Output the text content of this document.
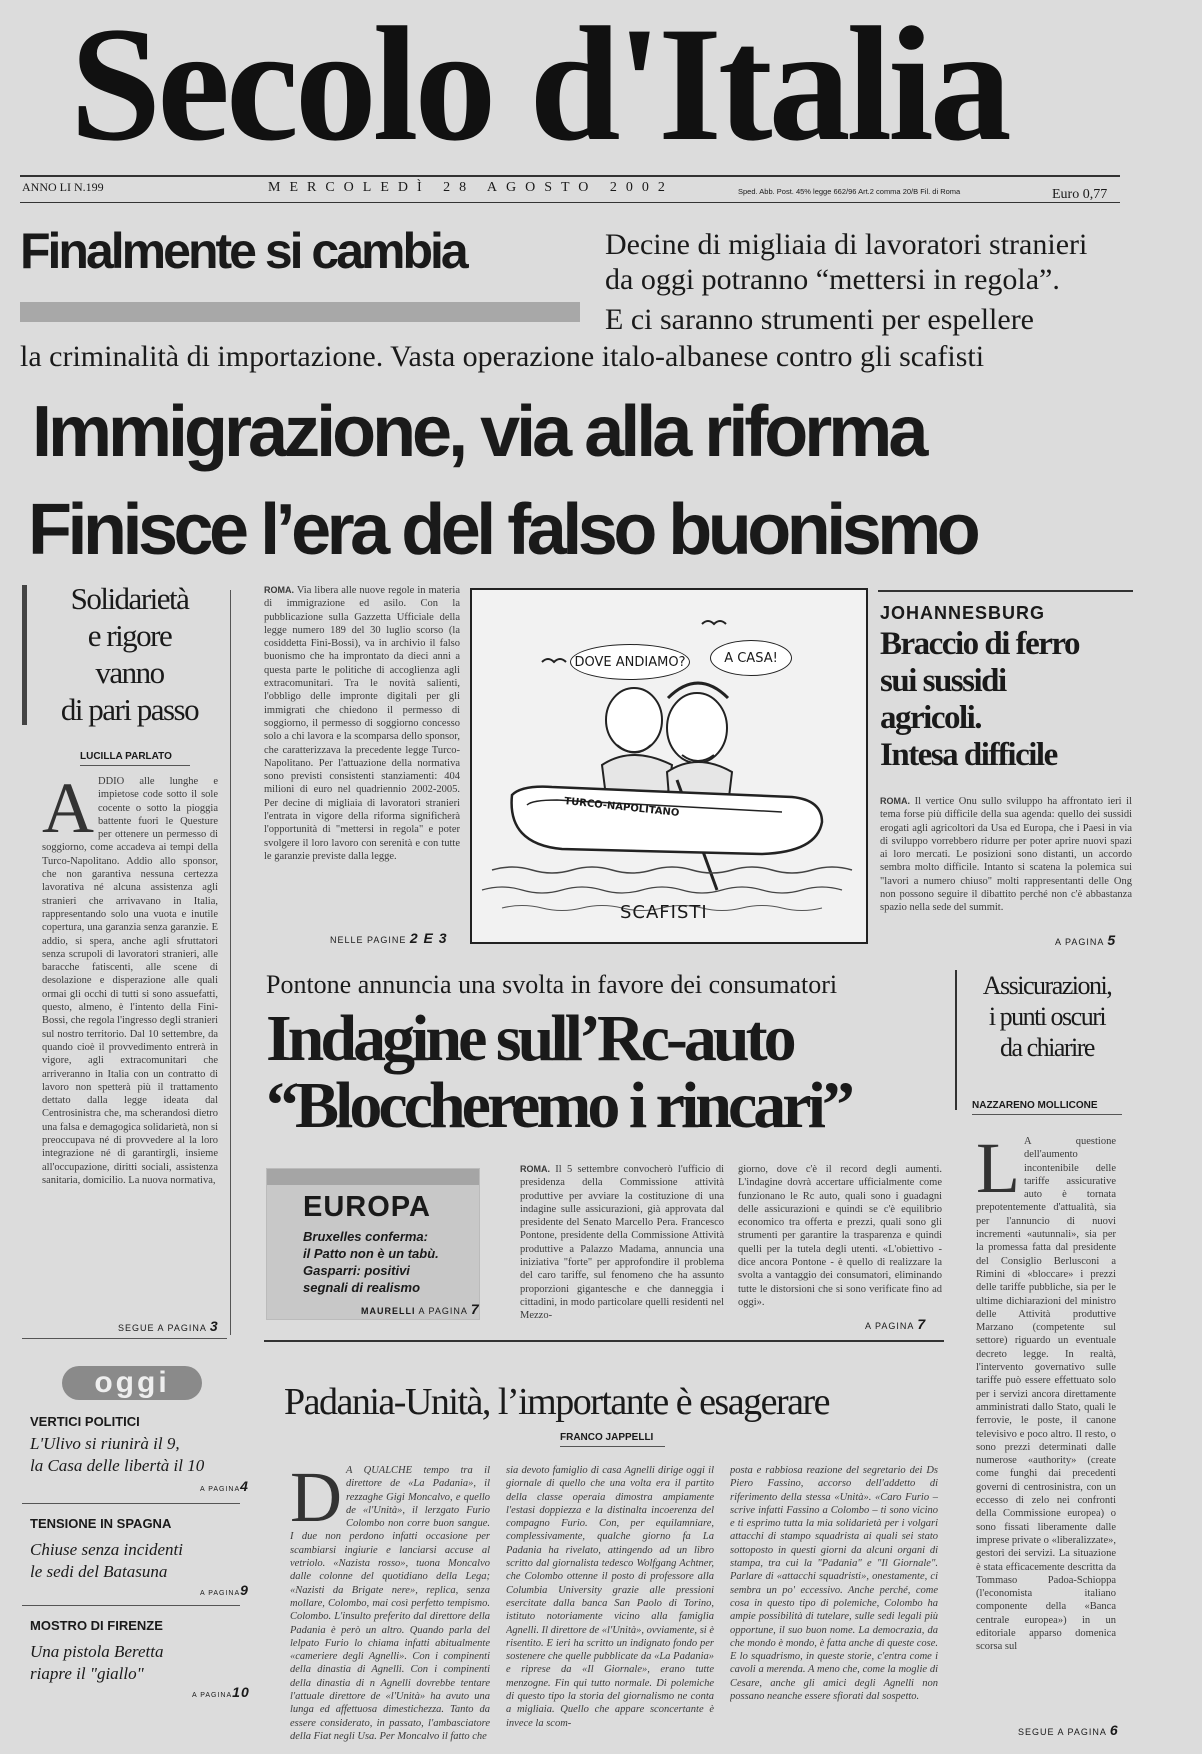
Secolo d'Italia
ANNO LI N.199	MERCOLEDÌ 28 AGOSTO 2002	Sped. Abb. Post. 45% legge 662/96 Art.2 comma 20/B Fil. di Roma	Euro 0,77
Finalmente si cambia	Decine di migliaia di lavoratori stranieri
da oggi potranno “mettersi in regola”.
E ci saranno strumenti per espellere
la criminalità di importazione. Vasta operazione italo-albanese contro gli scafisti
Immigrazione, via alla riforma
Finisce l’era del falso buonismo
Solidarietà
e rigore
vanno
di pari passo
LUCILLA PARLATO
ADDIO alle lunghe e impietose code sotto il sole cocente o sotto la pioggia battente fuori le Questure per ottenere un permesso di soggiorno, come accadeva ai tempi della Turco-Napolitano. Addio allo sponsor, che non garantiva nessuna certezza lavorativa né alcuna assistenza agli stranieri che arrivavano in Italia, rappresentando solo una vuota e inutile copertura, una garanzia senza garanzie. E addio, si spera, anche agli sfruttatori senza scrupoli di lavoratori stranieri, alle baracche fatiscenti, alle scene di desolazione e disperazione alle quali ormai gli occhi di tutti si sono assuefatti, questo, almeno, è l'intento della Fini-Bossi, che regola l'ingresso degli stranieri sul nostro territorio. Dal 10 settembre, da quando cioè il provvedimento entrerà in vigore, agli extracomunitari che arriveranno in Italia con un contratto di lavoro non spetterà più il trattamento dettato dalla legge ideata dal Centrosinistra che, ma scherandosi dietro una falsa e demagogica solidarietà, non si preoccupava né di provvedere al la loro integrazione né di garantirgli, insieme all'occupazione, diritti sociali, assistenza sanitaria, domicilio. La nuova normativa,
SEGUE A PAGINA 3
ROMA. Via libera alle nuove regole in materia di immigrazione ed asilo. Con la pubblicazione sulla Gazzetta Ufficiale della legge numero 189 del 30 luglio scorso (la cosiddetta Fini-Bossi), va in archivio il falso buonismo che ha improntato da dieci anni a questa parte le politiche di accoglienza agli extracomunitari. Tra le novità salienti, l'obbligo delle impronte digitali per gli immigrati che chiedono il permesso di soggiorno, il permesso di soggiorno concesso solo a chi lavora e la scomparsa dello sponsor, che caratterizzava la precedente legge Turco-Napolitano. Per l'attuazione della normativa sono previsti consistenti stanziamenti: 404 milioni di euro nel quadriennio 2002-2005. Per decine di migliaia di lavoratori stranieri l'entrata in vigore della riforma significherà l'opportunità di "mettersi in regola" e poter svolgere il loro lavoro con serenità e con tutte le garanzie previste dalla legge.
NELLE PAGINE 2 E 3
DOVE ANDIAMO?	A CASA!
TURCO-NAPOLITANO
SCAFISTI
JOHANNESBURG
Braccio di ferro
sui sussidi
agricoli.
Intesa difficile
ROMA. Il vertice Onu sullo sviluppo ha affrontato ieri il tema forse più difficile della sua agenda: quello dei sussidi erogati agli agricoltori da Usa ed Europa, che i Paesi in via di sviluppo vorrebbero ridurre per poter aprire nuovi spazi ai loro mercati. Le posizioni sono distanti, un accordo sembra molto difficile. Intanto si scatena la polemica sui "lavori a numero chiuso" molti rappresentanti delle Ong non possono seguire il dibattito perché non c'è abbastanza spazio nella sede del summit.
A PAGINA 5
Pontone annuncia una svolta in favore dei consumatori
Indagine sull’Rc-auto
“Bloccheremo i rincari”
EUROPA
Bruxelles conferma:
il Patto non è un tabù.
Gasparri: positivi
segnali di realismo
MAURELLI A PAGINA 7
ROMA. Il 5 settembre convocherò l'ufficio di presidenza della Commissione attività produttive per avviare la costituzione di una indagine sulle assicurazioni, già approvata dal presidente del Senato Marcello Pera. Francesco Pontone, presidente della Commissione Attività produttive a Palazzo Madama, annuncia una iniziativa "forte" per approfondire il problema del caro tariffe, sul fenomeno che ha assunto proporzioni gigantesche e che danneggia i cittadini, in modo particolare quelli residenti nel Mezzo-
giorno, dove c'è il record degli aumenti. L'indagine dovrà accertare ufficialmente come funzionano le Rc auto, quali sono i guadagni delle assicurazioni e quindi se c'è equilibrio economico tra offerta e prezzi, quali sono gli strumenti per garantire la trasparenza e quindi quelli per la tutela degli utenti. «L'obiettivo - dice ancora Pontone - è quello di realizzare la svolta a vantaggio dei consumatori, eliminando tutte le distorsioni che si sono verificate fino ad oggi».
A PAGINA 7
Assicurazioni,
i punti oscuri
da chiarire
NAZZARENO MOLLICONE
L A questione dell'aumento incontenibile delle tariffe assicurative auto è tornata prepotentemente d'attualità, sia per l'annuncio di nuovi incrementi «autunnali», sia per la promessa fatta dal presidente del Consiglio Berlusconi a Rimini di «bloccare» i prezzi delle tariffe pubbliche, sia per le ultime dichiarazioni del ministro delle Attività produttive Marzano (competente sul settore) riguardo un eventuale decreto legge. In realtà, l'intervento governativo sulle tariffe può essere effettuato solo per i servizi ancora direttamente amministrati dallo Stato, quali le ferrovie, le poste, il canone televisivo e poco altro. Il resto, o sono prezzi determinati dalle numerose «authority» (create come funghi dai precedenti governi di centrosinistra, con un eccesso di zelo nei confronti della Commissione europea) o sono fissati liberamente dalle imprese private o «liberalizzate», gestori dei servizi. La situazione è stata efficacemente descritta da Tommaso Padoa-Schioppa (l'economista italiano componente della «Banca centrale europea») in un editoriale apparso domenica scorsa sul
SEGUE A PAGINA 6
oggi
VERTICI POLITICI
L'Ulivo si riunirà il 9,
la Casa delle libertà il 10
A PAGINA4
TENSIONE IN SPAGNA
Chiuse senza incidenti
le sedi del Batasuna
A PAGINA9
MOSTRO DI FIRENZE
Una pistola Beretta
riapre il "giallo"
A PAGINA10
Padania-Unità, l’importante è esagerare
FRANCO JAPPELLI
D A QUALCHE tempo tra il direttore de «La Padania», il rezzaghe Gigi Moncalvo, e quello de «l'Unità», il lerzgato Furio Colombo non corre buon sangue. I due non perdono infatti occasione per scambiarsi ingiurie e lanciarsi accuse al vetriolo. «Nazista rosso», tuona Moncalvo dalle colonne del quotidiano della Lega; «Nazisti da Brigate nere», replica, senza mollare, Colombo, mai così perfetto tempismo. Colombo. L'insulto preferito dal direttore della Padania è però un altro. Quando parla del lelpato Furio lo chiama infatti abitualmente «cameriere degli Agnelli». Con i compinenti della dinastia di Agnelli. Con i compinenti della dinastia di n Agnelli dovrebbe tentare l'attuale direttore de «l'Unità» ha avuto una lunga ed affettuosa dimestichezza. Tanto da essere considerato, in passato, l'ambasciatore della Fiat negli Usa. Per Moncalvo il fatto che
sia devoto famiglio di casa Agnelli dirige oggi il giornale di quello che una volta era il partito della classe operaia dimostra ampiamente l'estasi doppiezza e la distinalta incoerenza del compagno Furio. Con, per equilamniare, complessivamente, qualche giorno fa La Padania ha rivelato, attingendo ad un libro scritto dal giornalista tedesco Wolfgang Achtner, che Colombo ottenne il posto di professore alla Columbia University grazie alle pressioni esercitate dalla banca San Paolo di Torino, istituto notoriamente vicino alla famiglia Agnelli. Il direttore de «l'Unità», ovviamente, si è risentito. E ieri ha scritto un indignato fondo per sostenere che quelle pubblicate da «La Padania» e riprese da «Il Giornale», erano tutte menzogne. Fin qui tutto normale. Di polemiche di questo tipo la storia del giornalismo ne conta a migliaia. Quello che appare sconcertante è invece la scom-
posta e rabbiosa reazione del segretario dei Ds Piero Fassino, accorso dell'addetto di riferimento della stessa «Unità». «Caro Furio – scrive infatti Fassino a Colombo – ti sono vicino e ti esprimo tutta la mia solidarietà per i volgari attacchi di stampo squadrista ai quali sei stato sottoposto in questi giorni da alcuni organi di stampa, tra cui la "Padania" e "Il Giornale". Parlare di «attacchi squadristi», onestamente, ci sembra un po' eccessivo. Anche perché, come cosa in questo tipo di polemiche, Colombo ha ampie possibilità di tutelare, sulle sedi legali più opportune, il suo buon nome. La democrazia, da che mondo è mondo, è fatta anche di queste cose. E lo squadrismo, in queste storie, c'entra come i cavoli a merenda. A meno che, come la moglie di Cesare, anche gli amici degli Agnelli non possano neanche essere sfiorati dal sospetto.
